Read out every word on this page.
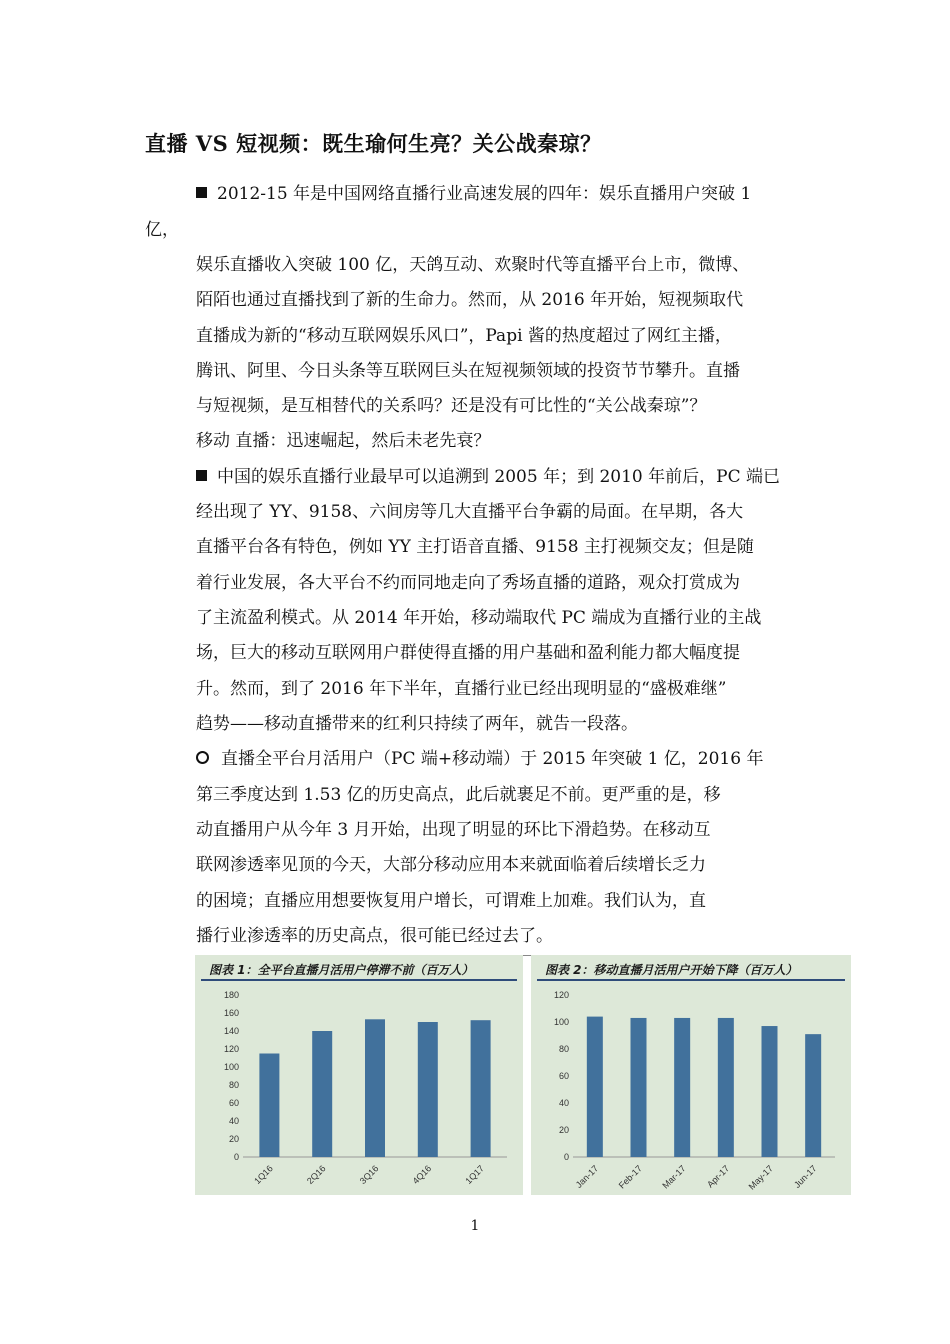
直播 VS 短视频：既生瑜何生亮？关公战秦琼？
2012-15 年是中国网络直播行业高速发展的四年：娱乐直播用户突破 1
亿，
娱乐直播收入突破 100 亿，天鸽互动、欢聚时代等直播平台上市，微博、
陌陌也通过直播找到了新的生命力。然而，从 2016 年开始，短视频取代
直播成为新的“移动互联网娱乐风口”，Papi 酱的热度超过了网红主播，
腾讯、阿里、今日头条等互联网巨头在短视频领域的投资节节攀升。直播
与短视频，是互相替代的关系吗？还是没有可比性的“关公战秦琼”？
移动 直播：迅速崛起，然后未老先衰？
中国的娱乐直播行业最早可以追溯到 2005 年；到 2010 年前后，PC 端已
经出现了 YY、9158、六间房等几大直播平台争霸的局面。在早期，各大
直播平台各有特色，例如 YY 主打语音直播、9158 主打视频交友；但是随
着行业发展，各大平台不约而同地走向了秀场直播的道路，观众打赏成为
了主流盈利模式。从 2014 年开始，移动端取代 PC 端成为直播行业的主战
场，巨大的移动互联网用户群使得直播的用户基础和盈利能力都大幅度提
升。然而，到了 2016 年下半年，直播行业已经出现明显的“盛极难继”
趋势——移动直播带来的红利只持续了两年，就告一段落。
直播全平台月活用户（PC 端+移动端）于 2015 年突破 1 亿，2016 年
第三季度达到 1.53 亿的历史高点，此后就裹足不前。更严重的是，移
动直播用户从今年 3 月开始，出现了明显的环比下滑趋势。在移动互
联网渗透率见顶的今天，大部分移动应用本来就面临着后续增长乏力
的困境；直播应用想要恢复用户增长，可谓难上加难。我们认为，直
播行业渗透率的历史高点，很可能已经过去了。
图表 1：全平台直播月活用户停滞不前（百万人）
0
20
40
60
80
100
120
140
160
180
1Q16	2Q16	3Q16	4Q16	1Q17
图表 2：移动直播月活用户开始下降（百万人）
0
20
40
60
80
100
120
Jan-17 Feb-17 Mar-17 Apr-17 May-17 Jun-17
1
